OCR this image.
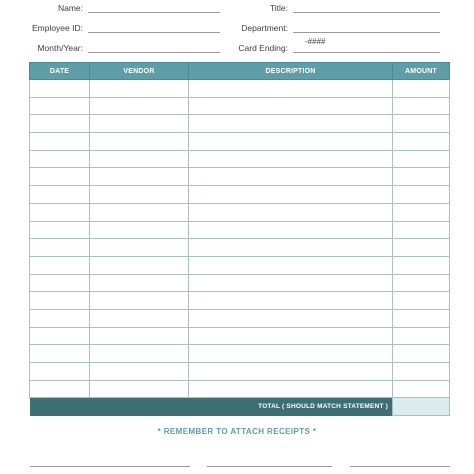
Name:	Title:
Employee ID:	Department:
Month/Year:	Card Ending:
-####
DATE	VENDOR	DESCRIPTION	AMOUNT

TOTAL ( SHOULD MATCH STATEMENT )			
* REMEMBER TO ATTACH RECEIPTS *
